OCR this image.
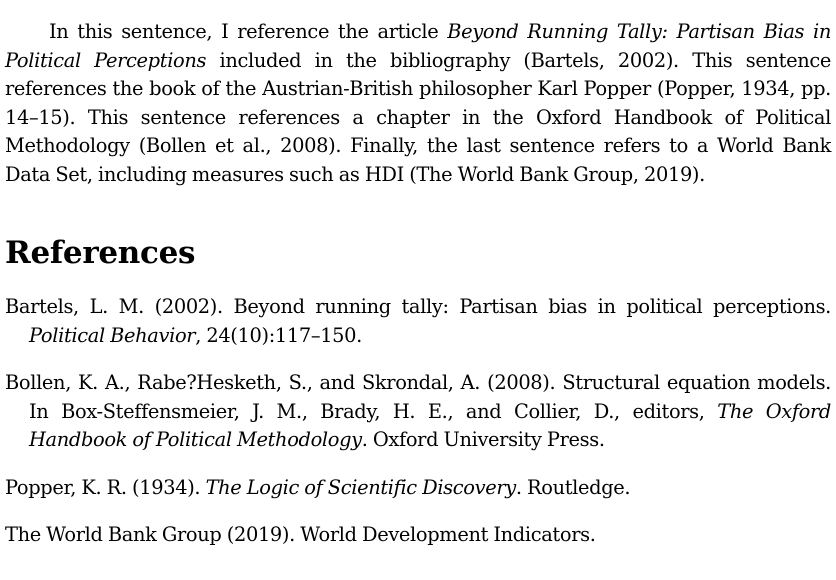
In this sentence, I reference the article Beyond Running Tally: Partisan Bias in Political Perceptions included in the bibliography (Bartels, 2002). This sentence references the book of the Austrian-British philosopher Karl Popper (Popper, 1934, pp. 14–15). This sentence references a chapter in the Oxford Handbook of Political Methodology (Bollen et al., 2008). Finally, the last sentence refers to a World Bank Data Set, including measures such as HDI (The World Bank Group, 2019).

References
Bartels, L. M. (2002). Beyond running tally: Partisan bias in political perceptions. Political Behavior, 24(10):117–150.
Bollen, K. A., Rabe?Hesketh, S., and Skrondal, A. (2008). Structural equation models. In Box-Steffensmeier, J. M., Brady, H. E., and Collier, D., editors, The Oxford Handbook of Political Methodology. Oxford University Press.
Popper, K. R. (1934). The Logic of Scientific Discovery. Routledge.
The World Bank Group (2019). World Development Indicators.
